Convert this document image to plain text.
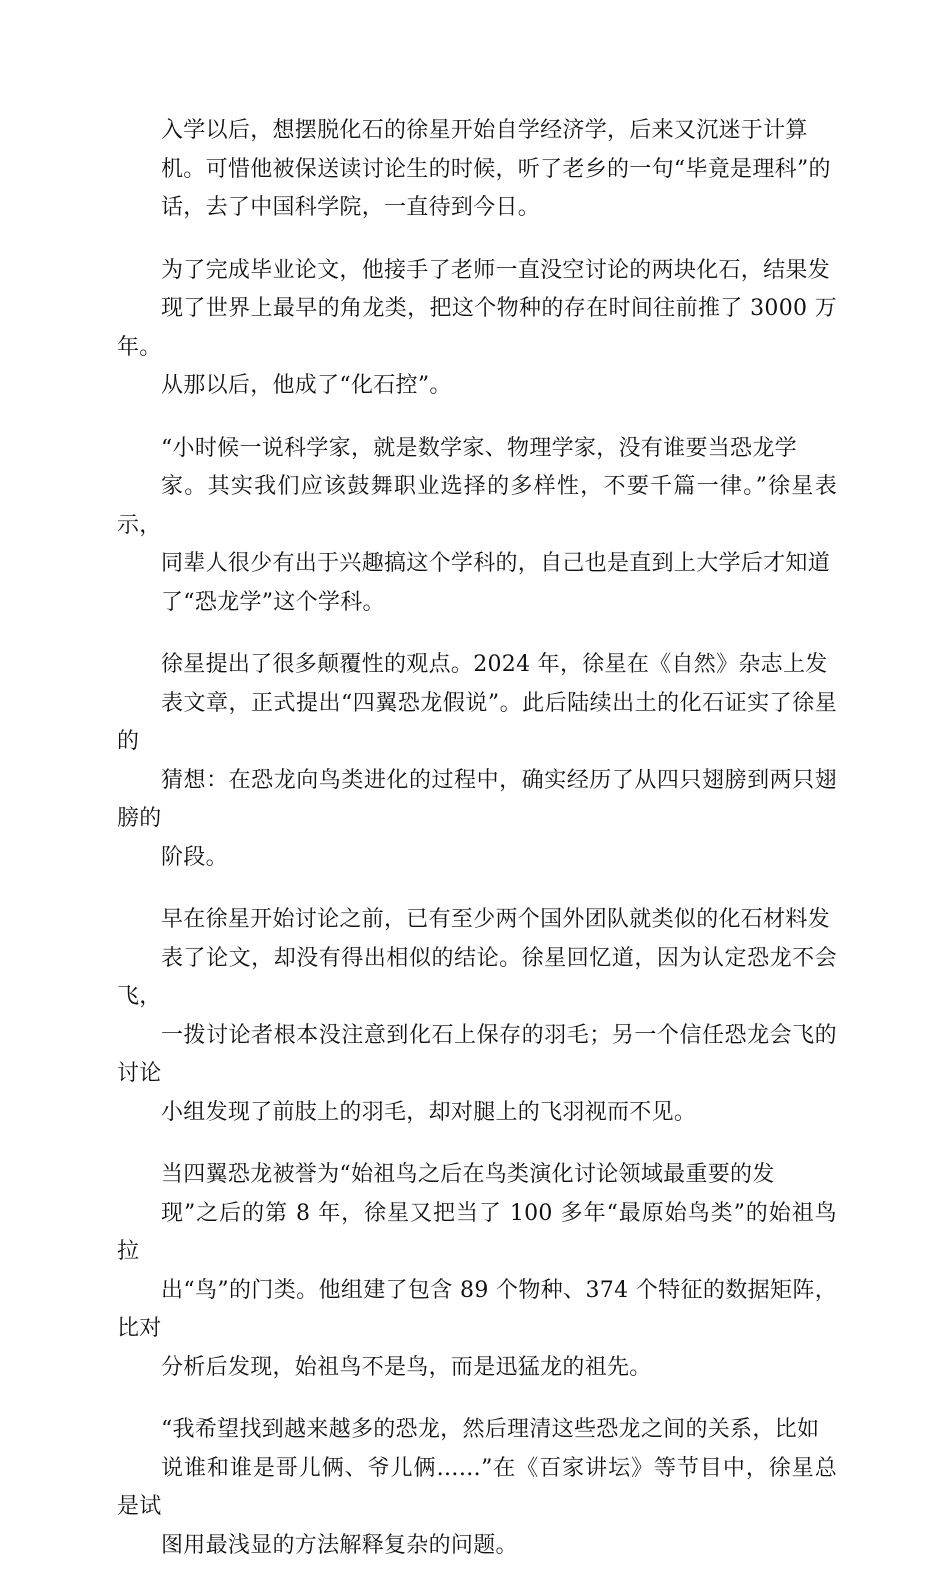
入学以后，想摆脱化石的徐星开始自学经济学，后来又沉迷于计算
机。可惜他被保送读讨论生的时候，听了老乡的一句“毕竟是理科”的
话，去了中国科学院，一直待到今日。

为了完成毕业论文，他接手了老师一直没空讨论的两块化石，结果发
现了世界上最早的角龙类，把这个物种的存在时间往前推了 3000 万年。
从那以后，他成了“化石控”。

“小时候一说科学家，就是数学家、物理学家，没有谁要当恐龙学
家。其实我们应该鼓舞职业选择的多样性，不要千篇一律。”徐星表示，
同辈人很少有出于兴趣搞这个学科的，自己也是直到上大学后才知道
了“恐龙学”这个学科。

徐星提出了很多颠覆性的观点。2024 年，徐星在《自然》杂志上发
表文章，正式提出“四翼恐龙假说”。此后陆续出土的化石证实了徐星的
猜想：在恐龙向鸟类进化的过程中，确实经历了从四只翅膀到两只翅膀的
阶段。

早在徐星开始讨论之前，已有至少两个国外团队就类似的化石材料发
表了论文，却没有得出相似的结论。徐星回忆道，因为认定恐龙不会飞，
一拨讨论者根本没注意到化石上保存的羽毛；另一个信任恐龙会飞的讨论
小组发现了前肢上的羽毛，却对腿上的飞羽视而不见。

当四翼恐龙被誉为“始祖鸟之后在鸟类演化讨论领域最重要的发
现”之后的第 8 年，徐星又把当了 100 多年“最原始鸟类”的始祖鸟拉
出“鸟”的门类。他组建了包含 89 个物种、374 个特征的数据矩阵，比对
分析后发现，始祖鸟不是鸟，而是迅猛龙的祖先。

“我希望找到越来越多的恐龙，然后理清这些恐龙之间的关系，比如
说谁和谁是哥儿俩、爷儿俩……”在《百家讲坛》等节目中，徐星总是试
图用最浅显的方法解释复杂的问题。
